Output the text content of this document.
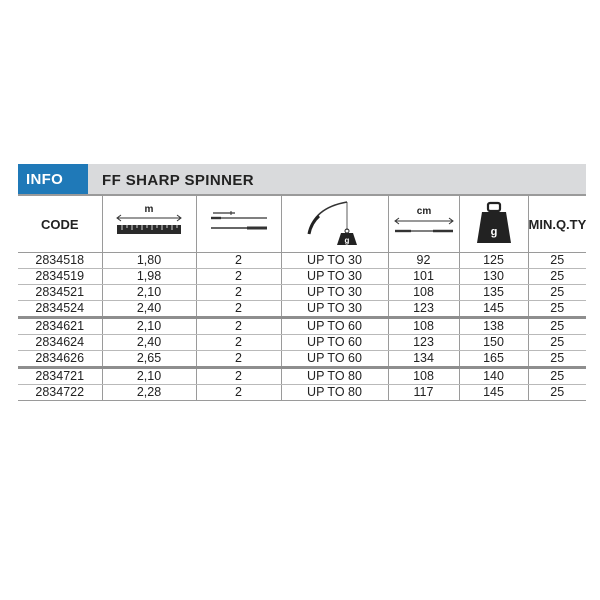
INFO	FF SHARP SPINNER
CODE	m		g	cm	g	MIN.Q.TY
2834518	1,80	2	UP TO 30	92	125	25
2834519	1,98	2	UP TO 30	101	130	25
2834521	2,10	2	UP TO 30	108	135	25
2834524	2,40	2	UP TO 30	123	145	25
2834621	2,10	2	UP TO 60	108	138	25
2834624	2,40	2	UP TO 60	123	150	25
2834626	2,65	2	UP TO 60	134	165	25
2834721	2,10	2	UP TO 80	108	140	25
2834722	2,28	2	UP TO 80	117	145	25
